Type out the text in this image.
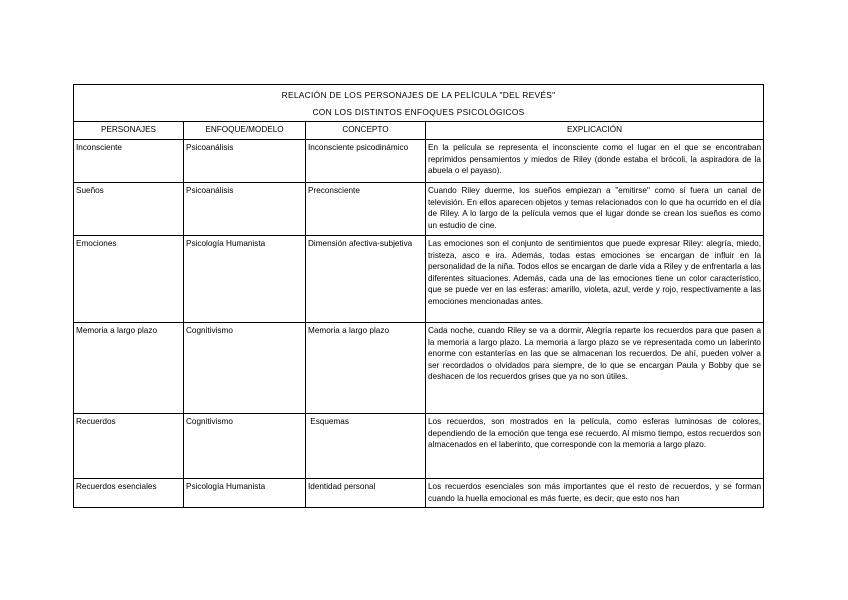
RELACIÓN DE LOS PERSONAJES DE LA PELÍCULA "DEL REVÉS"
CON LOS DISTINTOS ENFOQUES PSICOLÓGICOS			
PERSONAJES	ENFOQUE/MODELO	CONCEPTO	EXPLICACIÓN
Inconsciente	Psicoanálisis	Inconsciente psicodinámico	En la película se representa el inconsciente como el lugar en el que se encontraban reprimidos pensamientos y miedos de Riley (donde estaba el brócoli, la aspiradora de la abuela o el payaso).
Sueños	Psicoanálisis	Preconsciente	Cuando Riley duerme, los sueños empiezan a "emitirse" como si fuera un canal de televisión. En ellos aparecen objetos y temas relacionados con lo que ha ocurrido en el día de Riley. A lo largo de la película vemos que el lugar donde se crean los sueños es como un estudio de cine.
Emociones	Psicología Humanista	Dimensión afectiva-subjetiva	Las emociones son el conjunto de sentimientos que puede expresar Riley: alegría, miedo, tristeza, asco e ira. Además, todas estas emociones se encargan de influir en la personalidad de la niña. Todos ellos se encargan de darle vida a Riley y de enfrentarla a las diferentes situaciones. Además, cada una de las emociones tiene un color característico, que se puede ver en las esferas: amarillo, violeta, azul, verde y rojo, respectivamente a las emociones mencionadas antes.
Memoria a largo plazo	Cognitivismo	Memoria a largo plazo	Cada noche, cuando Riley se va a dormir, Alegría reparte los recuerdos para que pasen a la memoria a largo plazo. La memoria a largo plazo se ve representada como un laberinto enorme con estanterías en las que se almacenan los recuerdos. De ahí, pueden volver a ser recordados o olvidados para siempre, de lo que se encargan Paula y Bobby que se deshacen de los recuerdos grises que ya no son útiles.
Recuerdos	Cognitivismo	Esquemas	Los recuerdos, son mostrados en la película, como esferas luminosas de colores, dependiendo de la emoción que tenga ese recuerdo. Al mismo tiempo, estos recuerdos son almacenados en el laberinto, que corresponde con la memoria a largo plazo.
Recuerdos esenciales	Psicología Humanista	Identidad personal	Los recuerdos esenciales son más importantes que el resto de recuerdos, y se forman cuando la huella emocional es más fuerte, es decir, que esto nos han
